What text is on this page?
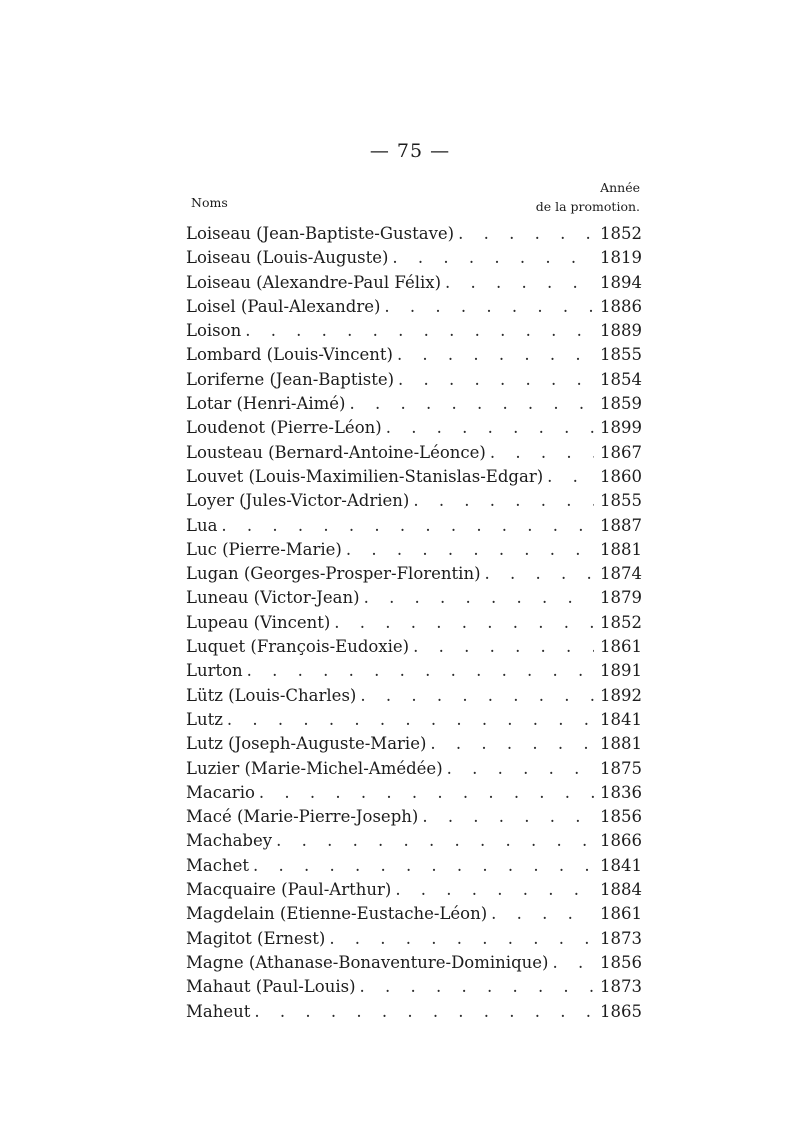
— 75 —
Année
de la promotion.
Noms
Loiseau (Jean-Baptiste-Gustave) . . .	1852
Loiseau (Louis-Auguste) . . .	1819
Loiseau (Alexandre-Paul Félix) . . .	1894
Loisel (Paul-Alexandre) . . .	1886
Loison . . .	1889
Lombard (Louis-Vincent) . . .	1855
Loriferne (Jean-Baptiste) . . .	1854
Lotar (Henri-Aimé) . . .	1859
Loudenot (Pierre-Léon) . . .	1899
Lousteau (Bernard-Antoine-Léonce) . . .	1867
Louvet (Louis-Maximilien-Stanislas-Edgar) . . .	1860
Loyer (Jules-Victor-Adrien) . . .	1855
Lua . . .	1887
Luc (Pierre-Marie) . . .	1881
Lugan (Georges-Prosper-Florentin) . . .	1874
Luneau (Victor-Jean) . . .	1879
Lupeau (Vincent) . . .	1852
Luquet (François-Eudoxie) . . .	1861
Lurton . . .	1891
Lütz (Louis-Charles) . . .	1892
Lutz . . .	1841
Lutz (Joseph-Auguste-Marie) . . .	1881
Luzier (Marie-Michel-Amédée) . . .	1875
Macario . . .	1836
Macé (Marie-Pierre-Joseph) . . .	1856
Machabey . . .	1866
Machet . . .	1841
Macquaire (Paul-Arthur) . . .	1884
Magdelain (Etienne-Eustache-Léon) . . .	1861
Magitot (Ernest) . . .	1873
Magne (Athanase-Bonaventure-Dominique) . . .	1856
Mahaut (Paul-Louis) . . .	1873
Maheut . . .	1865
